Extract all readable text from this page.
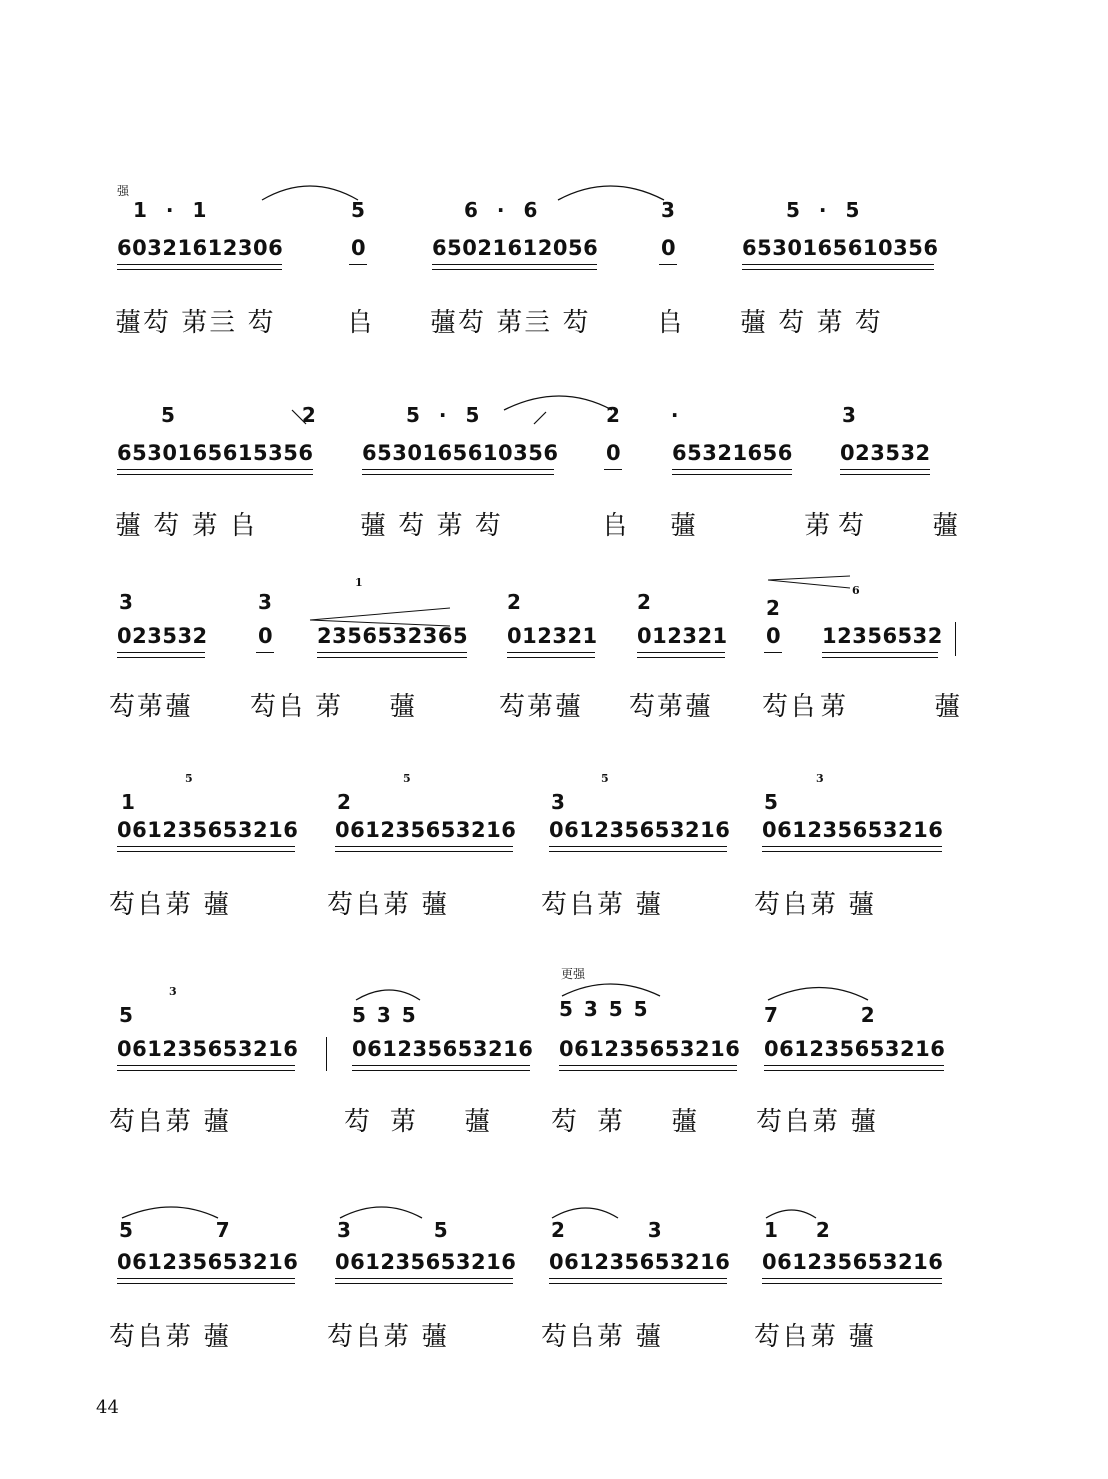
强
1 · 1
60321612306
䕬芶 苐亖 芶
5
0
𠂤
6 · 6
65021612056
䕬芶 苐亖 芶
3
0
𠂤
5 · 5
6530165610356
䕬 芶 苐 芶
5 2
6530165615356
䕬 芶 苐 𠂤
5 · 5
6530165610356
䕬 芶 苐 芶
2 ·
0
𠂤
65321656
䕬 苐
3
023532
芶 䕬
3
023532
芶苐䕬
3
0
芶𠂤
1
2356532365
苐 䕬
2
012321
芶苐䕬
2
012321
芶苐䕬
6
2
0
芶𠂤
12356532
苐 䕬
5
1
061235653216
芶𠂤苐 䕬
5
2
061235653216
芶𠂤苐 䕬
5
3
061235653216
芶𠂤苐 䕬
3
5
061235653216
芶𠂤苐 䕬
3
5
061235653216
芶𠂤苐 䕬
5 3 5
061235653216
芶苐 䕬
更强
5 3 5 5
061235653216
芶苐 䕬
7     2
061235653216
芶𠂤苐 䕬
5     7
061235653216
芶𠂤苐 䕬
3     5
061235653216
芶𠂤苐 䕬
2     3
061235653216
芶𠂤苐 䕬
1  2
061235653216
芶𠂤苐 䕬
44
